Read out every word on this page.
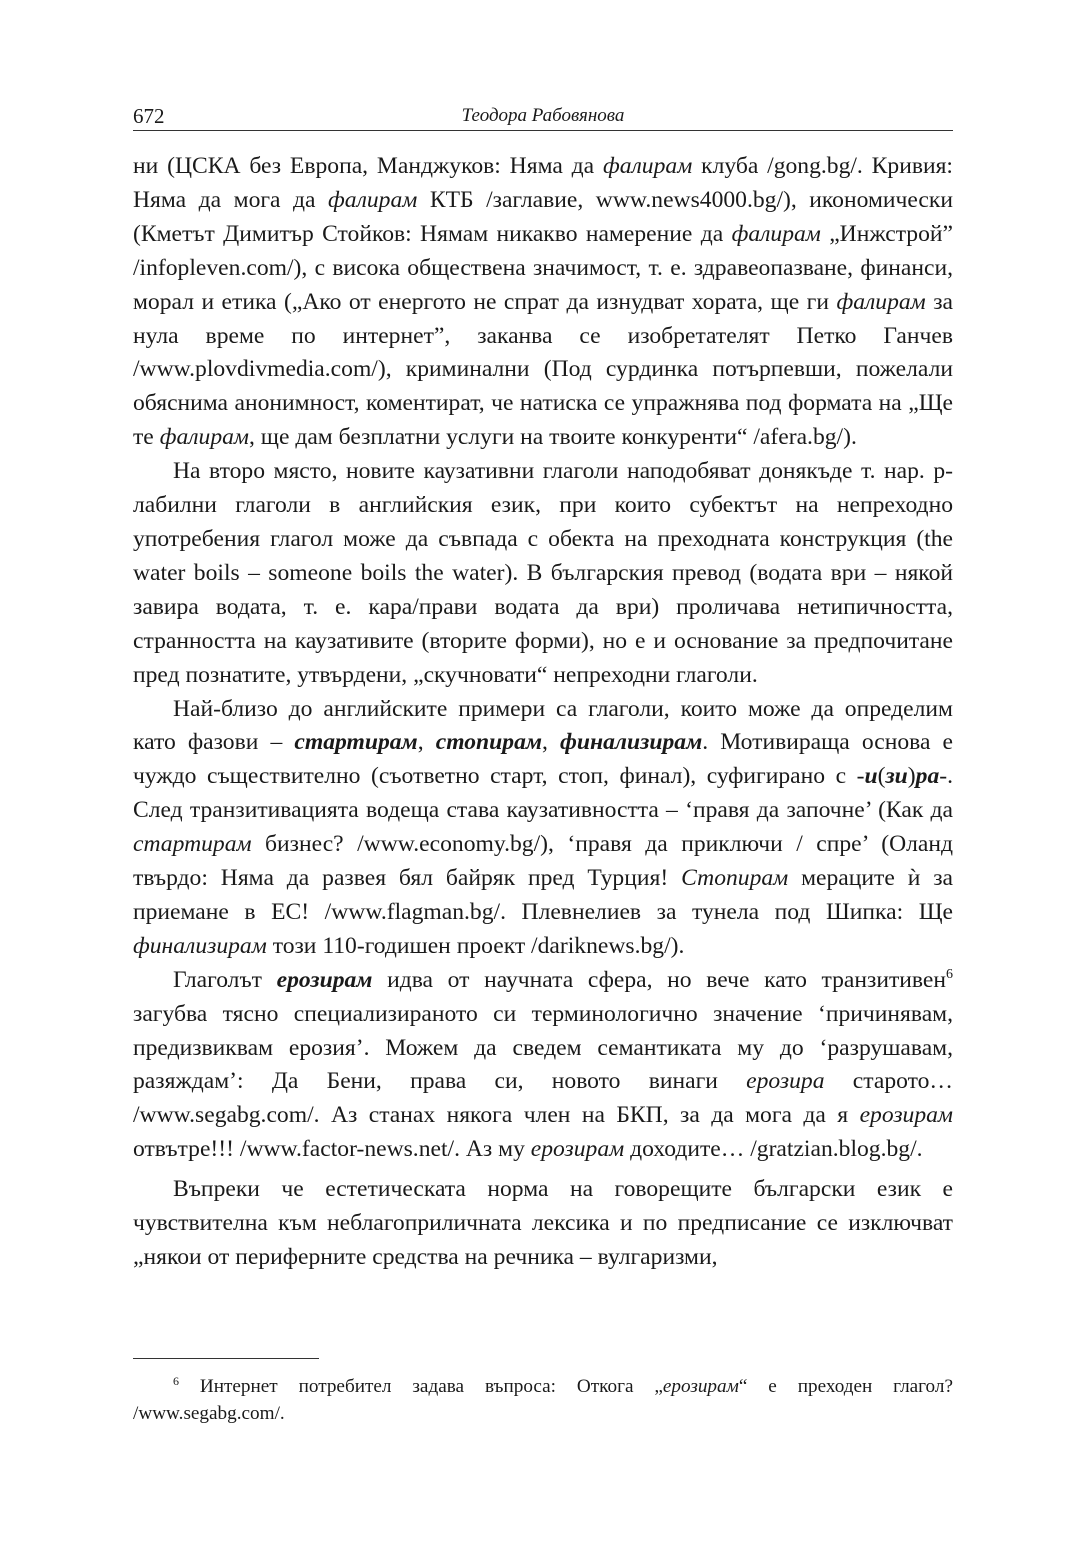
672	Теодора Рабовянова

ни (ЦСКА без Европа, Манджуков: Няма да фалирам клуба /gong.bg/. Кривия: Няма да мога да фалирам КТБ /заглавие, www.news4000.bg/), икономически (Кметът Димитър Стойков: Нямам никакво намерение да фалирам „Инжстрой” /infopleven.com/), с висока обществена значимост, т. е. здравеопазване, финанси, морал и етика („Ако от енергото не спрат да изнудват хората, ще ги фалирам за нула време по интернет”, заканва се изобретателят Петко Ганчев /www.plovdivmedia.com/), криминални (Под сурдинка потърпевши, пожелали обяснима анонимност, коментират, че натиска се упражнява под формата на „Ще те фалирам, ще дам безплатни услуги на твоите конкуренти“ /afera.bg/).

На второ място, новите каузативни глаголи наподобяват донякъде т. нар. p-лабилни глаголи в английския език, при които субектът на непреходно употребения глагол може да съвпада с обекта на преходната конструкция (the water boils – someone boils the water). В българския превод (водата ври – някой завира водата, т. е. кара/прави водата да ври) проличава нетипичността, странността на каузативите (вторите форми), но е и основание за предпочитане пред познатите, утвърдени, „скучновати“ непреходни глаголи.

Най-близо до английските примери са глаголи, които може да определим като фазови – стартирам, стопирам, финализирам. Мотивираща основа е чуждо съществително (съответно старт, стоп, финал), суфигирано с -и(зи)ра-. След транзитивацията водеща става каузативността – ‘правя да започне’ (Как да стартирам бизнес? /www.economy.bg/), ‘правя да приключи / спре’ (Оланд твърдо: Няма да развея бял байряк пред Турция! Стопирам мераците ѝ за приемане в ЕС! /www.flagman.bg/. Плевнелиев за тунела под Шипка: Ще финализирам този 110-годишен проект /dariknews.bg/).

Глаголът ерозирам идва от научната сфера, но вече като транзитивен$^6$ загубва тясно специализираното си терминологично значение ‘причинявам, предизвиквам ерозия’. Можем да сведем семантиката му до ‘разрушавам, разяждам’: Да Бени, права си, новото винаги ерозира старото… /www.segabg.com/. Аз станах някога член на БКП, за да мога да я ерозирам отвътре!!! /www.factor-news.net/. Аз му ерозирам доходите… /gratzian.blog.bg/.

Въпреки че естетическата норма на говорещите български език е чувствителна към неблагоприличната лексика и по предписание се изключват „някои от периферните средства на речника – вулгаризми,

$^6$ Интернет потребител задава въпроса: Откога „ерозирам“ е преходен глагол? /www.segabg.com/.
